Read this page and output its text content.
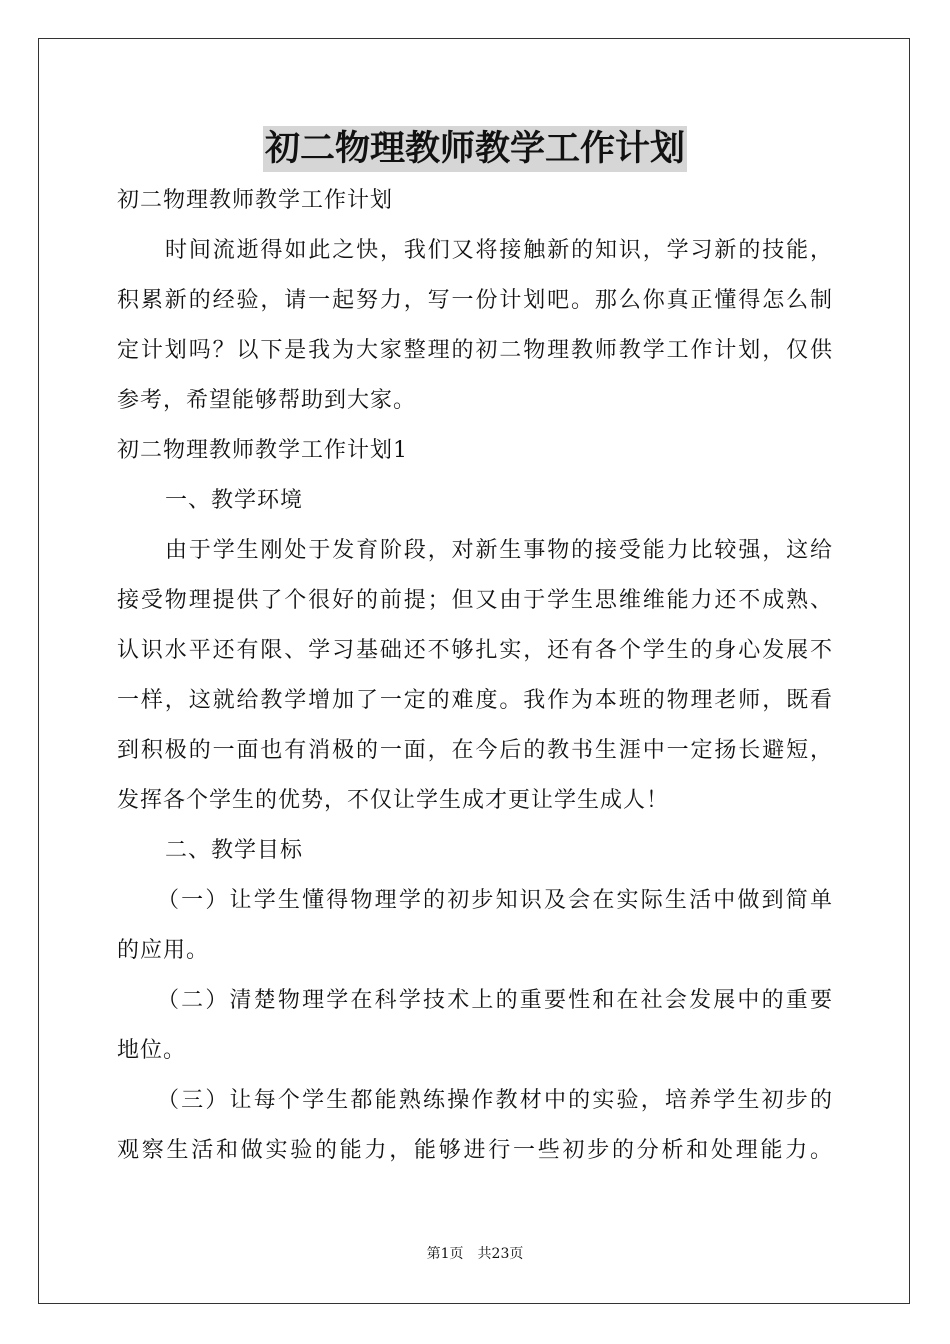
初二物理教师教学工作计划
初二物理教师教学工作计划
时间流逝得如此之快，我们又将接触新的知识，学习新的技能，
积累新的经验，请一起努力，写一份计划吧。那么你真正懂得怎么制
定计划吗？以下是我为大家整理的初二物理教师教学工作计划，仅供
参考，希望能够帮助到大家。
初二物理教师教学工作计划1
一、教学环境
由于学生刚处于发育阶段，对新生事物的接受能力比较强，这给
接受物理提供了个很好的前提；但又由于学生思维维能力还不成熟、
认识水平还有限、学习基础还不够扎实，还有各个学生的身心发展不
一样，这就给教学增加了一定的难度。我作为本班的物理老师，既看
到积极的一面也有消极的一面，在今后的教书生涯中一定扬长避短，
发挥各个学生的优势，不仅让学生成才更让学生成人！
二、教学目标
（一）让学生懂得物理学的初步知识及会在实际生活中做到简单
的应用。
（二）清楚物理学在科学技术上的重要性和在社会发展中的重要
地位。
（三）让每个学生都能熟练操作教材中的实验，培养学生初步的
观察生活和做实验的能力，能够进行一些初步的分析和处理能力。
第1页　共23页
